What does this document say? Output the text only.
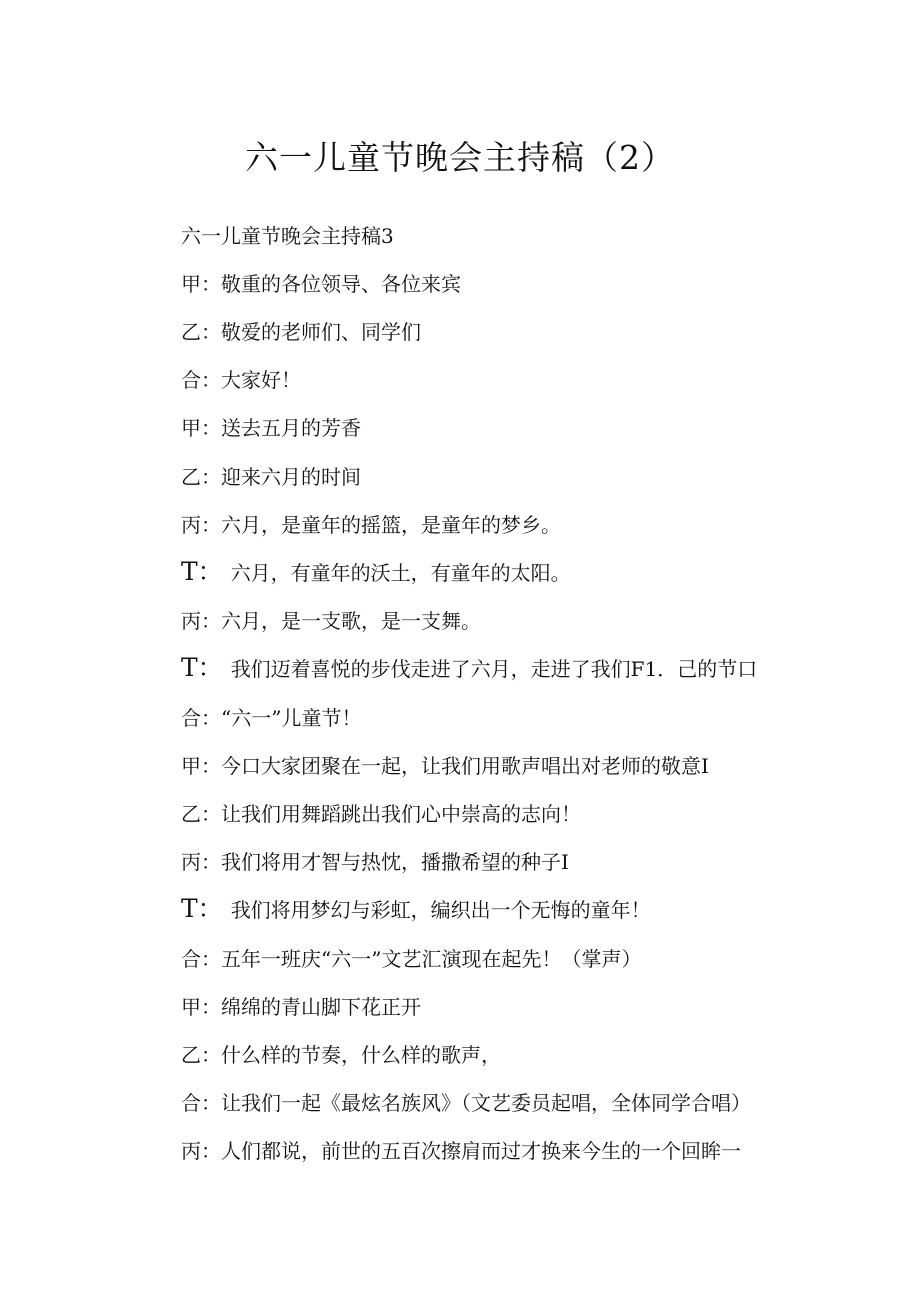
六一儿童节晚会主持稿（2）

六一儿童节晚会主持稿3

甲：敬重的各位领导、各位来宾

乙：敬爱的老师们、同学们

合：大家好！

甲：送去五月的芳香

乙：迎来六月的时间

丙：六月，是童年的摇篮，是童年的梦乡。

T： 六月，有童年的沃土，有童年的太阳。

丙：六月，是一支歌，是一支舞。

T： 我们迈着喜悦的步伐走进了六月，走进了我们F1．己的节口

合：“六一”儿童节！

甲：今口大家团聚在一起，让我们用歌声唱出对老师的敬意I

乙：让我们用舞蹈跳出我们心中崇高的志向！

丙：我们将用才智与热忱，播撒希望的种子I

T： 我们将用梦幻与彩虹，编织出一个无悔的童年！

合：五年一班庆“六一”文艺汇演现在起先！（掌声）

甲：绵绵的青山脚下花正开

乙：什么样的节奏，什么样的歌声，

合：让我们一起《最炫名族风》（文艺委员起唱，全体同学合唱）

丙：人们都说，前世的五百次擦肩而过才换来今生的一个回眸一
